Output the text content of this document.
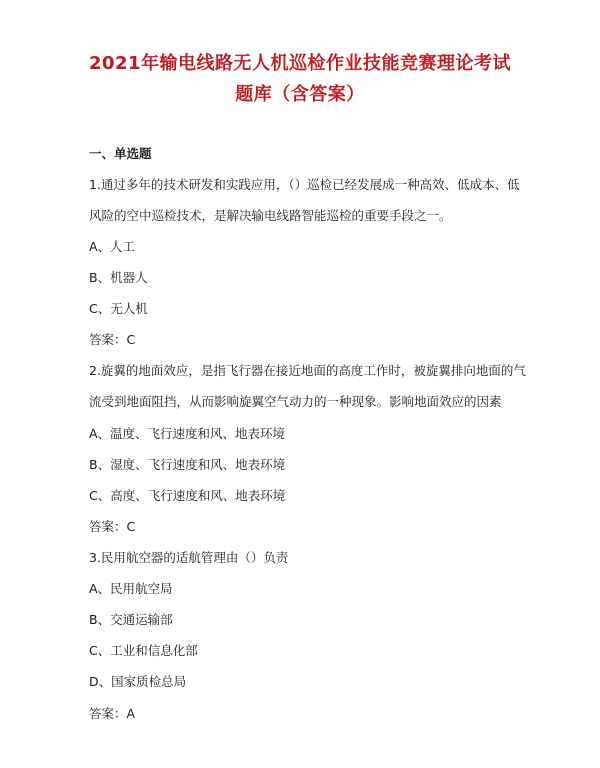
2021年输电线路无人机巡检作业技能竞赛理论考试
题库（含答案）
一、单选题
1.通过多年的技术研发和实践应用，（）巡检已经发展成一种高效、低成本、低
风险的空中巡检技术，是解决输电线路智能巡检的重要手段之一。
A、人工
B、机器人
C、无人机
答案：C
2.旋翼的地面效应，是指飞行器在接近地面的高度工作时，被旋翼排向地面的气
流受到地面阻挡，从而影响旋翼空气动力的一种现象。影响地面效应的因素
A、温度、飞行速度和风、地表环境
B、湿度、飞行速度和风、地表环境
C、高度、飞行速度和风、地表环境
答案：C
3.民用航空器的适航管理由（）负责
A、民用航空局
B、交通运输部
C、工业和信息化部
D、国家质检总局
答案：A
